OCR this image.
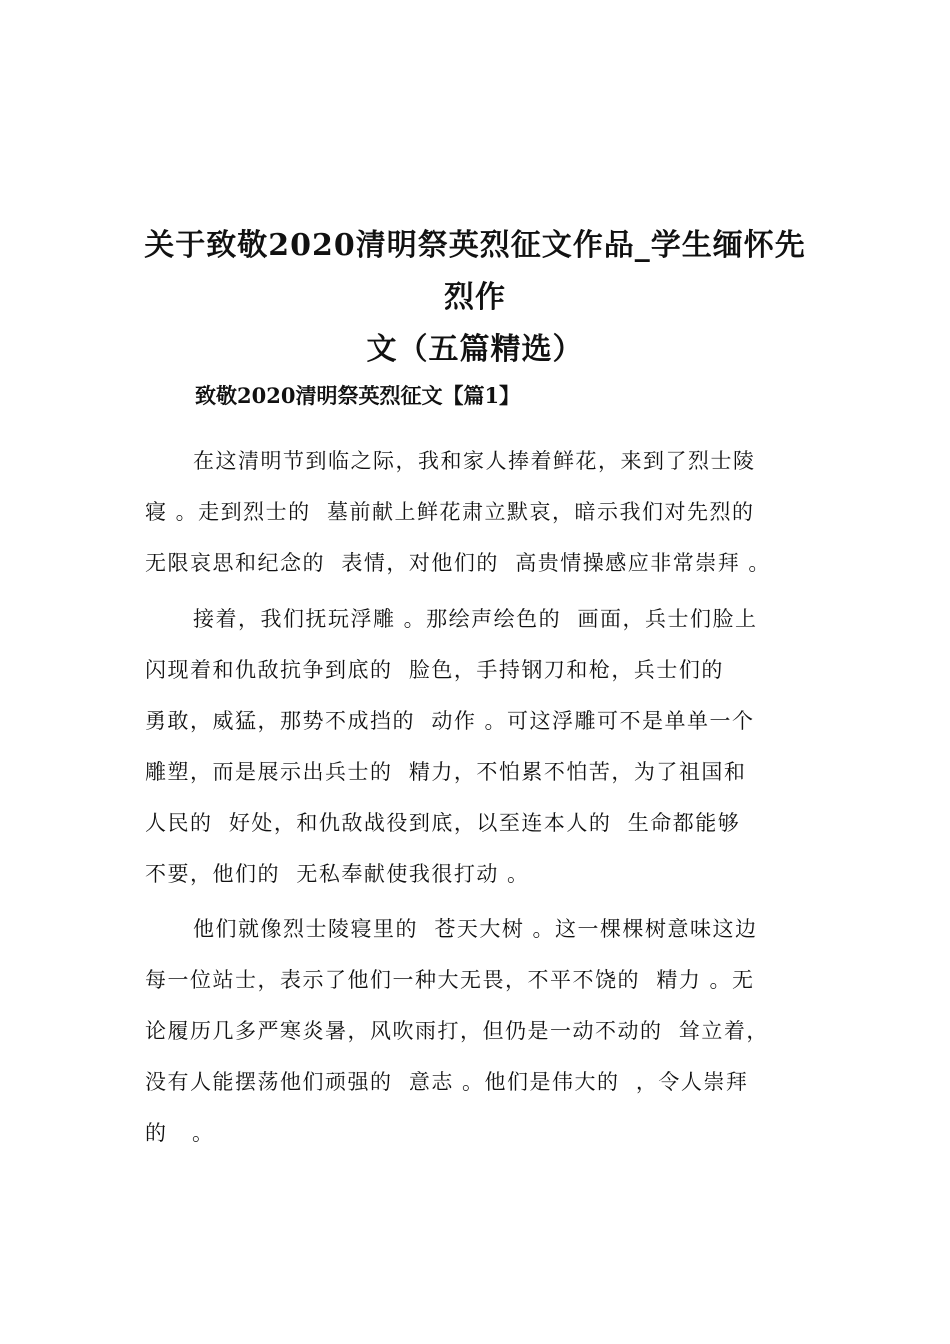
关于致敬2020清明祭英烈征文作品_学生缅怀先烈作
文（五篇精选）
致敬2020清明祭英烈征文【篇1】
在这清明节到临之际，我和家人捧着鲜花，来到了烈士陵
寝 。走到烈士的  墓前献上鲜花肃立默哀，暗示我们对先烈的
无限哀思和纪念的  表情，对他们的  高贵情操感应非常崇拜 。
接着，我们抚玩浮雕 。那绘声绘色的  画面，兵士们脸上
闪现着和仇敌抗争到底的  脸色，手持钢刀和枪，兵士们的
勇敢，威猛，那势不成挡的  动作 。可这浮雕可不是单单一个
雕塑，而是展示出兵士的  精力，不怕累不怕苦，为了祖国和
人民的  好处，和仇敌战役到底，以至连本人的  生命都能够
不要，他们的  无私奉献使我很打动 。
他们就像烈士陵寝里的  苍天大树 。这一棵棵树意味这边
每一位站士，表示了他们一种大无畏，不平不饶的  精力 。无
论履历几多严寒炎暑，风吹雨打，但仍是一动不动的  耸立着，
没有人能摆荡他们顽强的  意志 。他们是伟大的  ，令人崇拜
的   。
